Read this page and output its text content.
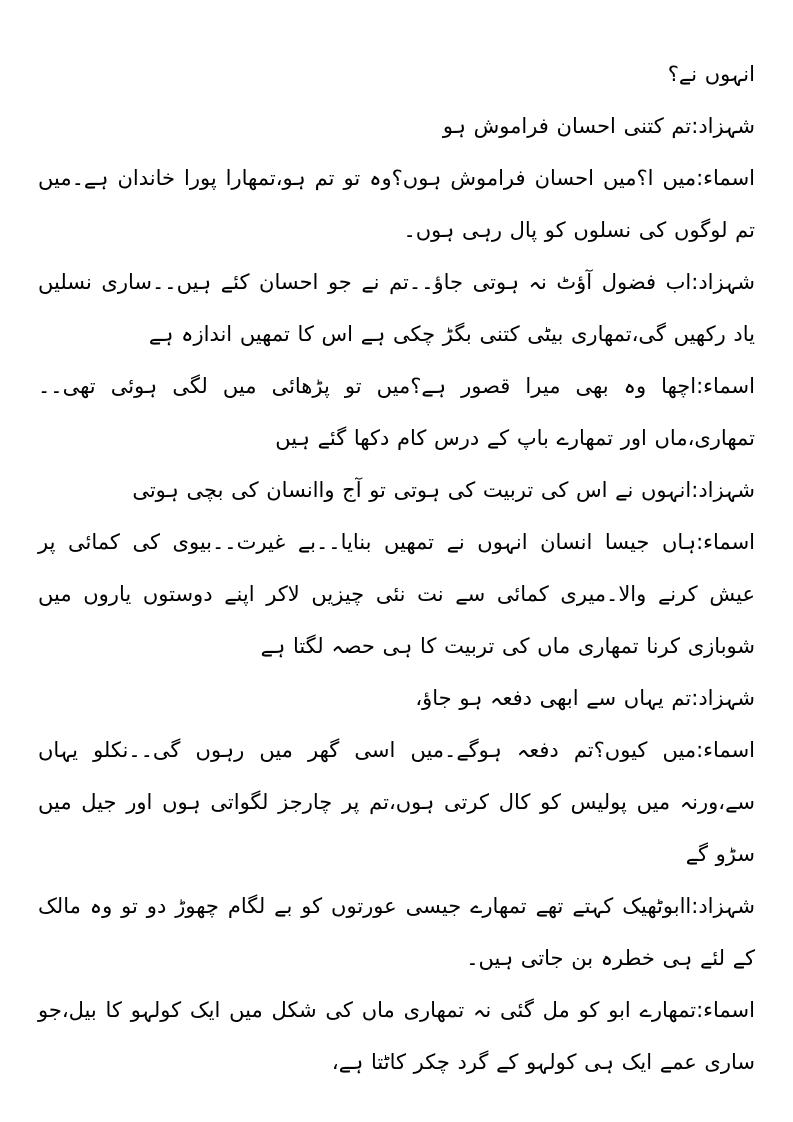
انہوں نے؟

شہزاد:تم کتنی احسان فراموش ہو

اسماء:میں ا؟میں احسان فراموش ہوں؟وہ تو تم ہو،تمھارا پورا خاندان ہے۔میں تم لوگوں کی نسلوں کو پال رہی ہوں۔

شہزاد:اب فضول آؤٹ نہ ہوتی جاؤ۔۔تم نے جو احسان کئے ہیں۔۔ساری نسلیں یاد رکھیں گی،تمھاری بیٹی کتنی بگڑ چکی ہے اس کا تمھیں اندازہ ہے

اسماء:اچھا وہ بھی میرا قصور ہے؟میں تو پڑھائی میں لگی ہوئی تھی۔۔تمھاری،ماں اور تمھارے باپ کے درس کام دکھا گئے ہیں

شہزاد:انہوں نے اس کی تربیت کی ہوتی تو آج واانسان کی بچی ہوتی

اسماء:ہاں جیسا انسان انہوں نے تمھیں بنایا۔۔بے غیرت۔۔بیوی کی کمائی پر عیش کرنے والا۔میری کمائی سے نت نئی چیزیں لاکر اپنے دوستوں یاروں میں شوبازی کرنا تمھاری ماں کی تربیت کا ہی حصہ لگتا ہے

شہزاد:تم یہاں سے ابھی دفعہ ہو جاؤ،

اسماء:میں کیوں؟تم دفعہ ہوگے۔میں اسی گھر میں رہوں گی۔۔نکلو یہاں سے،ورنہ میں پولیس کو کال کرتی ہوں،تم پر چارجز لگواتی ہوں اور جیل میں سڑو گے

شہزاد:اابوٹھیک کہتے تھے تمھارے جیسی عورتوں کو بے لگام چھوڑ دو تو وہ مالک کے لئے ہی خطرہ بن جاتی ہیں۔

اسماء:تمھارے ابو کو مل گئی نہ تمھاری ماں کی شکل میں ایک کولہو کا بیل،جو ساری عمے ایک ہی کولہو کے گرد چکر کاٹتا ہے،
